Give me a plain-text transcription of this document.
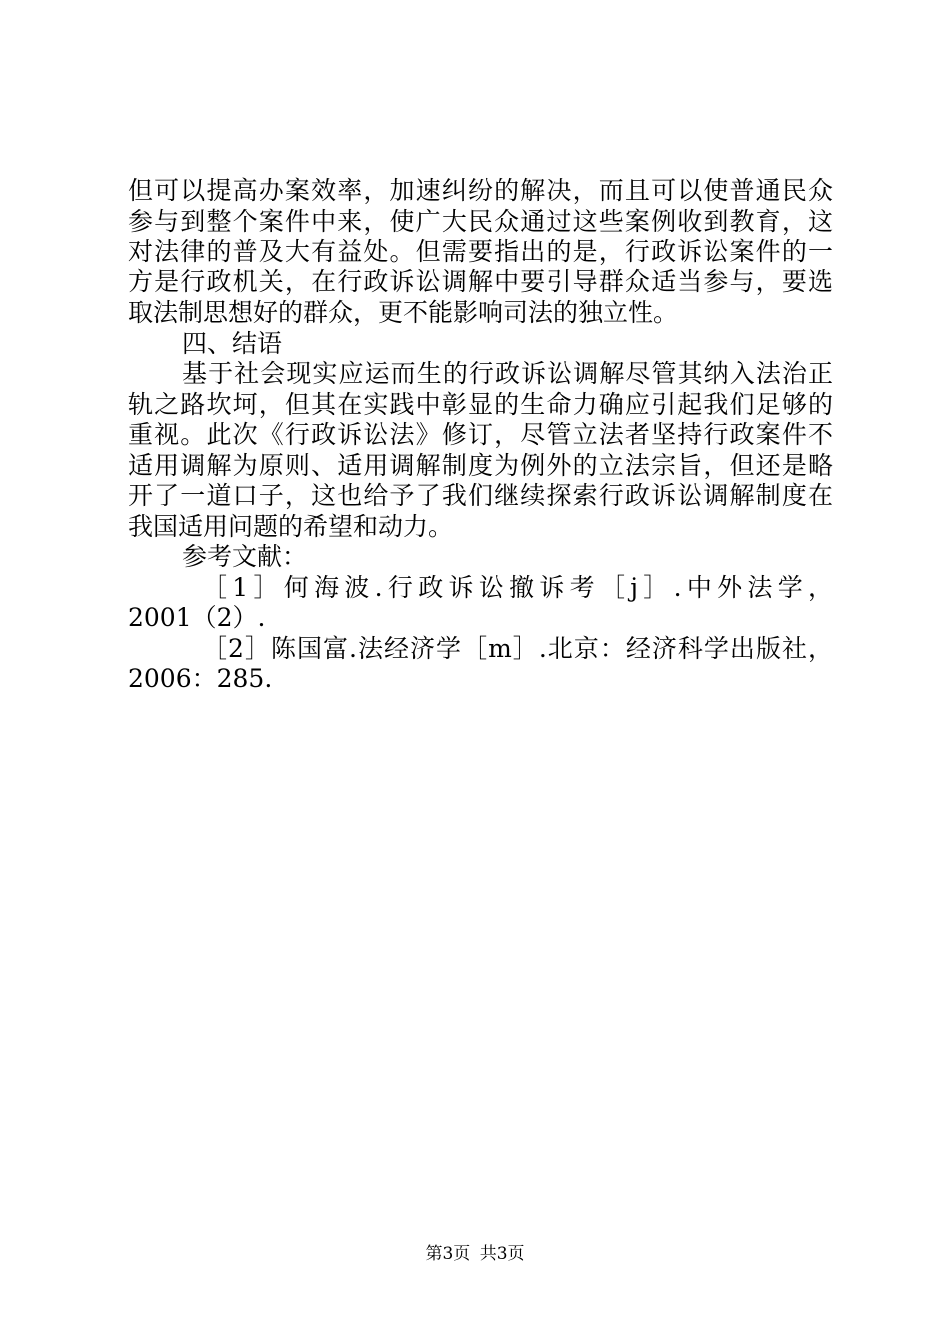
但可以提高办案效率，加速纠纷的解决，而且可以使普通民众
参与到整个案件中来，使广大民众通过这些案例收到教育，这
对法律的普及大有益处。但需要指出的是，行政诉讼案件的一
方是行政机关，在行政诉讼调解中要引导群众适当参与，要选
取法制思想好的群众，更不能影响司法的独立性。
四、结语
基于社会现实应运而生的行政诉讼调解尽管其纳入法治正
轨之路坎坷，但其在实践中彰显的生命力确应引起我们足够的
重视。此次《行政诉讼法》修订，尽管立法者坚持行政案件不
适用调解为原则、适用调解制度为例外的立法宗旨，但还是略
开了一道口子，这也给予了我们继续探索行政诉讼调解制度在
我国适用问题的希望和动力。
参考文献：
［1］何海波.行政诉讼撤诉考［j］.中外法学，
2001（2）.
［2］陈国富.法经济学［m］.北京：经济科学出版社，
2006：285.
第3页 共3页
